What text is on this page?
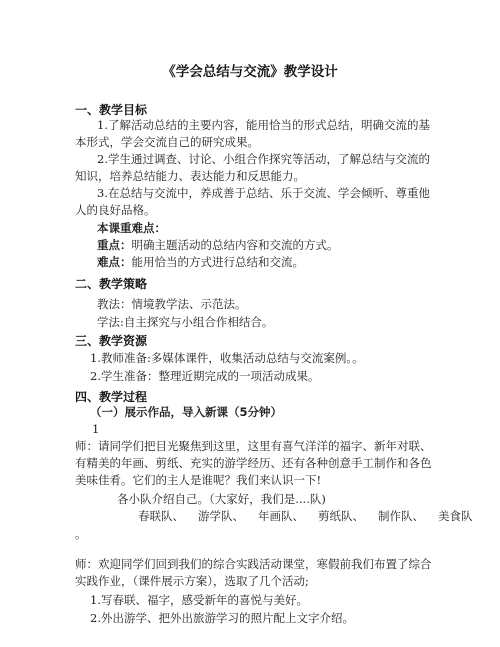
《学会总结与交流》教学设计
一、教学目标
1.了解活动总结的主要内容，能用恰当的形式总结，明确交流的基本形式，学会交流自己的研究成果。
2.学生通过调查、讨论、小组合作探究等活动，了解总结与交流的知识，培养总结能力、表达能力和反思能力。
3.在总结与交流中，养成善于总结、乐于交流、学会倾听、尊重他人的良好品格。
本课重难点：
重点：明确主题活动的总结内容和交流的方式。
难点：能用恰当的方式进行总结和交流。
二、教学策略
教法：情境教学法、示范法。
学法:自主探究与小组合作相结合。
三、教学资源
1.教师准备:多媒体课件，收集活动总结与交流案例。。
2.学生准备：整理近期完成的一项活动成果。
四、教学过程
（一）展示作品，导入新课（5分钟）
1
师：请同学们把目光聚焦到这里，这里有喜气洋洋的福字、新年对联、有精美的年画、剪纸、充实的游学经历、还有各种创意手工制作和各色美味佳肴。它们的主人是谁呢？我们来认识一下!
各小队介绍自己。（大家好，我们是....队)
春联队、 游学队、 年画队、 剪纸队、 制作队、 美食队
。
师：欢迎同学们回到我们的综合实践活动课堂，寒假前我们布置了综合实践作业，（课件展示方案），选取了几个活动;
1.写春联、福字，感受新年的喜悦与美好。
2.外出游学、把外出旅游学习的照片配上文字介绍。
